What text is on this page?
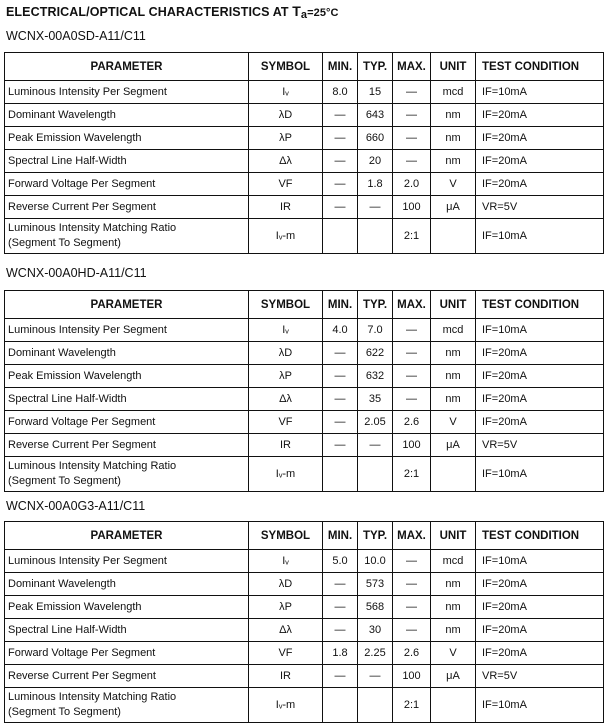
ELECTRICAL/OPTICAL CHARACTERISTICS AT Ta=25°C
WCNX-00A0SD-A11/C11
PARAMETER	SYMBOL	MIN.	TYP.	MAX.	UNIT	TEST CONDITION
Luminous Intensity Per Segment	Iᵥ	8.0	15	—	mcd	IF=10mA
Dominant Wavelength	λD	—	643	—	nm	IF=20mA
Peak Emission Wavelength	λP	—	660	—	nm	IF=20mA
Spectral Line Half-Width	Δλ	—	20	—	nm	IF=20mA
Forward Voltage Per Segment	VF	—	1.8	2.0	V	IF=20mA
Reverse Current Per Segment	IR	—	—	100	μA	VR=5V

Luminous Intensity Matching Ratio
(Segment To Segment)	Iᵥ-m			2:1		IF=10mA
WCNX-00A0HD-A11/C11
PARAMETER	SYMBOL	MIN.	TYP.	MAX.	UNIT	TEST CONDITION
Luminous Intensity Per Segment	Iᵥ	4.0	7.0	—	mcd	IF=10mA
Dominant Wavelength	λD	—	622	—	nm	IF=20mA
Peak Emission Wavelength	λP	—	632	—	nm	IF=20mA
Spectral Line Half-Width	Δλ	—	35	—	nm	IF=20mA
Forward Voltage Per Segment	VF	—	2.05	2.6	V	IF=20mA
Reverse Current Per Segment	IR	—	—	100	μA	VR=5V

Luminous Intensity Matching Ratio
(Segment To Segment)	Iᵥ-m			2:1		IF=10mA
WCNX-00A0G3-A11/C11
PARAMETER	SYMBOL	MIN.	TYP.	MAX.	UNIT	TEST CONDITION
Luminous Intensity Per Segment	Iᵥ	5.0	10.0	—	mcd	IF=10mA
Dominant Wavelength	λD	—	573	—	nm	IF=20mA
Peak Emission Wavelength	λP	—	568	—	nm	IF=20mA
Spectral Line Half-Width	Δλ	—	30	—	nm	IF=20mA
Forward Voltage Per Segment	VF	1.8	2.25	2.6	V	IF=20mA
Reverse Current Per Segment	IR	—	—	100	μA	VR=5V

Luminous Intensity Matching Ratio
(Segment To Segment)	Iᵥ-m			2:1		IF=10mA
